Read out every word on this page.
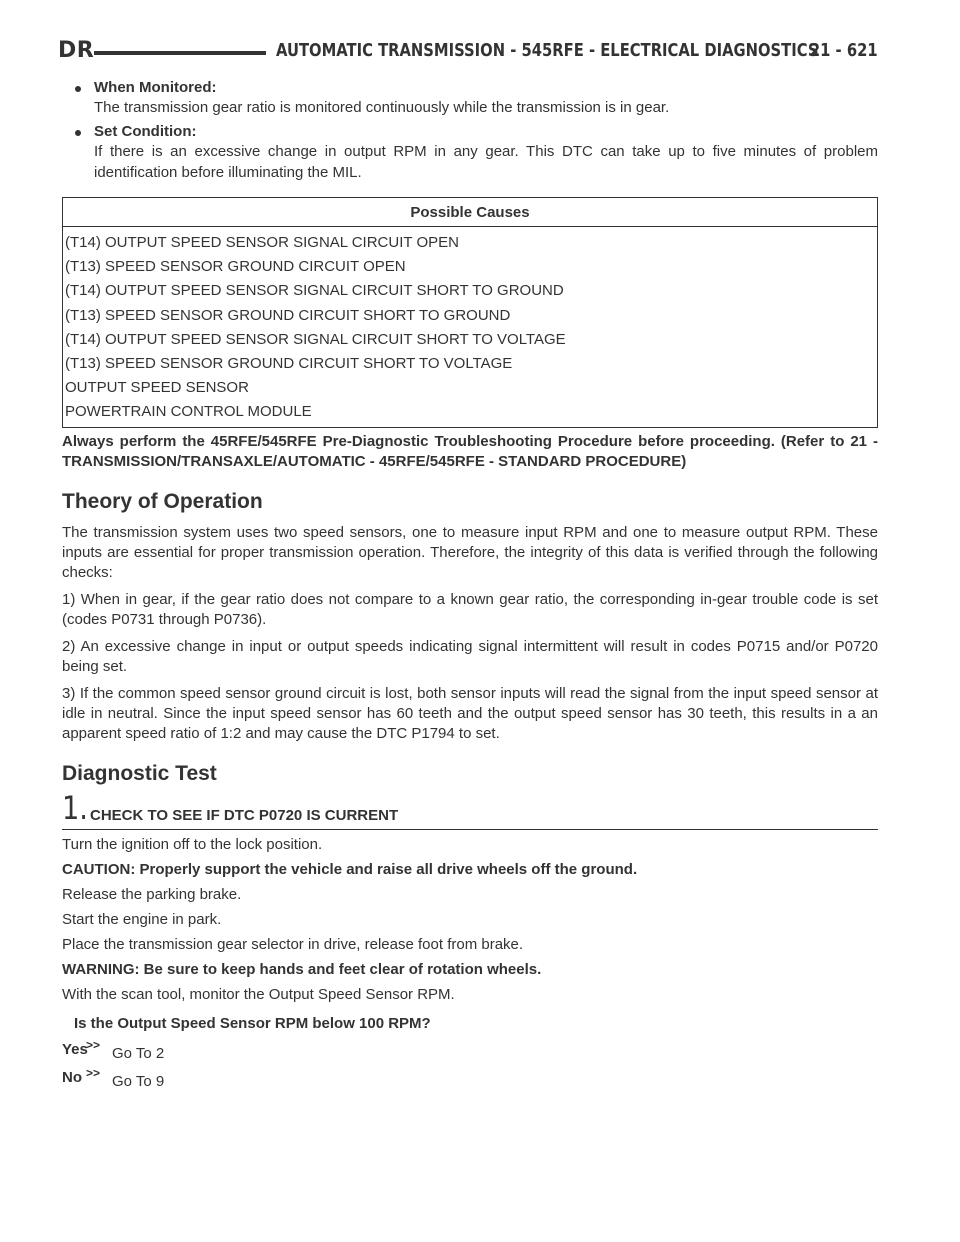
DR	AUTOMATIC TRANSMISSION - 545RFE - ELECTRICAL DIAGNOSTICS
21 - 621
When Monitored:
The transmission gear ratio is monitored continuously while the transmission is in gear.
Set Condition:
If there is an excessive change in output RPM in any gear. This DTC can take up to five minutes of problem identification before illuminating the MIL.
Possible Causes
(T14) OUTPUT SPEED SENSOR SIGNAL CIRCUIT OPEN
(T13) SPEED SENSOR GROUND CIRCUIT OPEN
(T14) OUTPUT SPEED SENSOR SIGNAL CIRCUIT SHORT TO GROUND
(T13) SPEED SENSOR GROUND CIRCUIT SHORT TO GROUND
(T14) OUTPUT SPEED SENSOR SIGNAL CIRCUIT SHORT TO VOLTAGE
(T13) SPEED SENSOR GROUND CIRCUIT SHORT TO VOLTAGE
OUTPUT SPEED SENSOR
POWERTRAIN CONTROL MODULE
Always perform the 45RFE/545RFE Pre-Diagnostic Troubleshooting Procedure before proceeding. (Refer to 21 - TRANSMISSION/TRANSAXLE/AUTOMATIC - 45RFE/545RFE - STANDARD PROCEDURE)
Theory of Operation

The transmission system uses two speed sensors, one to measure input RPM and one to measure output RPM. These inputs are essential for proper transmission operation. Therefore, the integrity of this data is verified through the following checks:

1) When in gear, if the gear ratio does not compare to a known gear ratio, the corresponding in-gear trouble code is set (codes P0731 through P0736).

2) An excessive change in input or output speeds indicating signal intermittent will result in codes P0715 and/or P0720 being set.

3) If the common speed sensor ground circuit is lost, both sensor inputs will read the signal from the input speed sensor at idle in neutral. Since the input speed sensor has 60 teeth and the output speed sensor has 30 teeth, this results in a an apparent speed ratio of 1:2 and may cause the DTC P1794 to set.

Diagnostic Test
1. CHECK TO SEE IF DTC P0720 IS CURRENT
Turn the ignition off to the lock position.
CAUTION: Properly support the vehicle and raise all drive wheels off the ground.
Release the parking brake.
Start the engine in park.
Place the transmission gear selector in drive, release foot from brake.
WARNING: Be sure to keep hands and feet clear of rotation wheels.
With the scan tool, monitor the Output Speed Sensor RPM.
Is the Output Speed Sensor RPM below 100 RPM?
Yes
>> Go To 2
No >> Go To 9
